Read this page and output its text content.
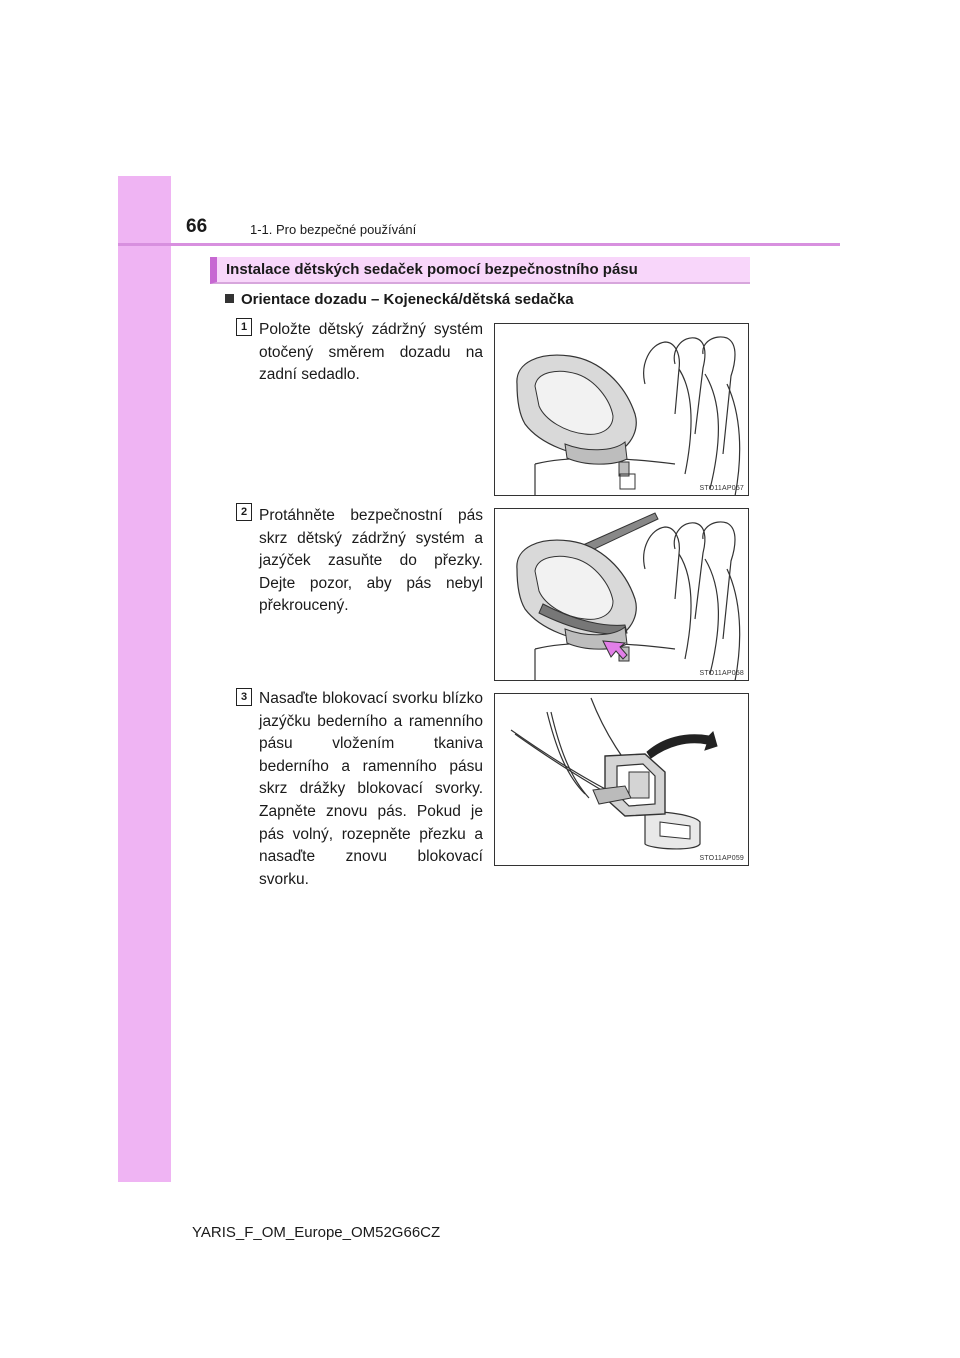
66	1-1. Pro bezpečné používání
Instalace dětských sedaček pomocí bezpečnostního pásu
Orientace dozadu – Kojenecká/dětská sedačka
1 Položte dětský zádržný systém otočený směrem dozadu na zadní sedadlo.
STO11AP057
2 Protáhněte bezpečnostní pás skrz dětský zádržný systém a jazýček zasuňte do přezky. Dejte pozor, aby pás nebyl překroucený.
STO11AP058
3 Nasaďte blokovací svorku blízko jazýčku bederního a ramenního pásu vložením tkaniva bederního a ramenního pásu skrz drážky blokovací svorky. Zapněte znovu pás. Pokud je pás volný, rozepněte přezku a nasaďte znovu blokovací svorku.
STO11AP059
YARIS_F_OM_Europe_OM52G66CZ
